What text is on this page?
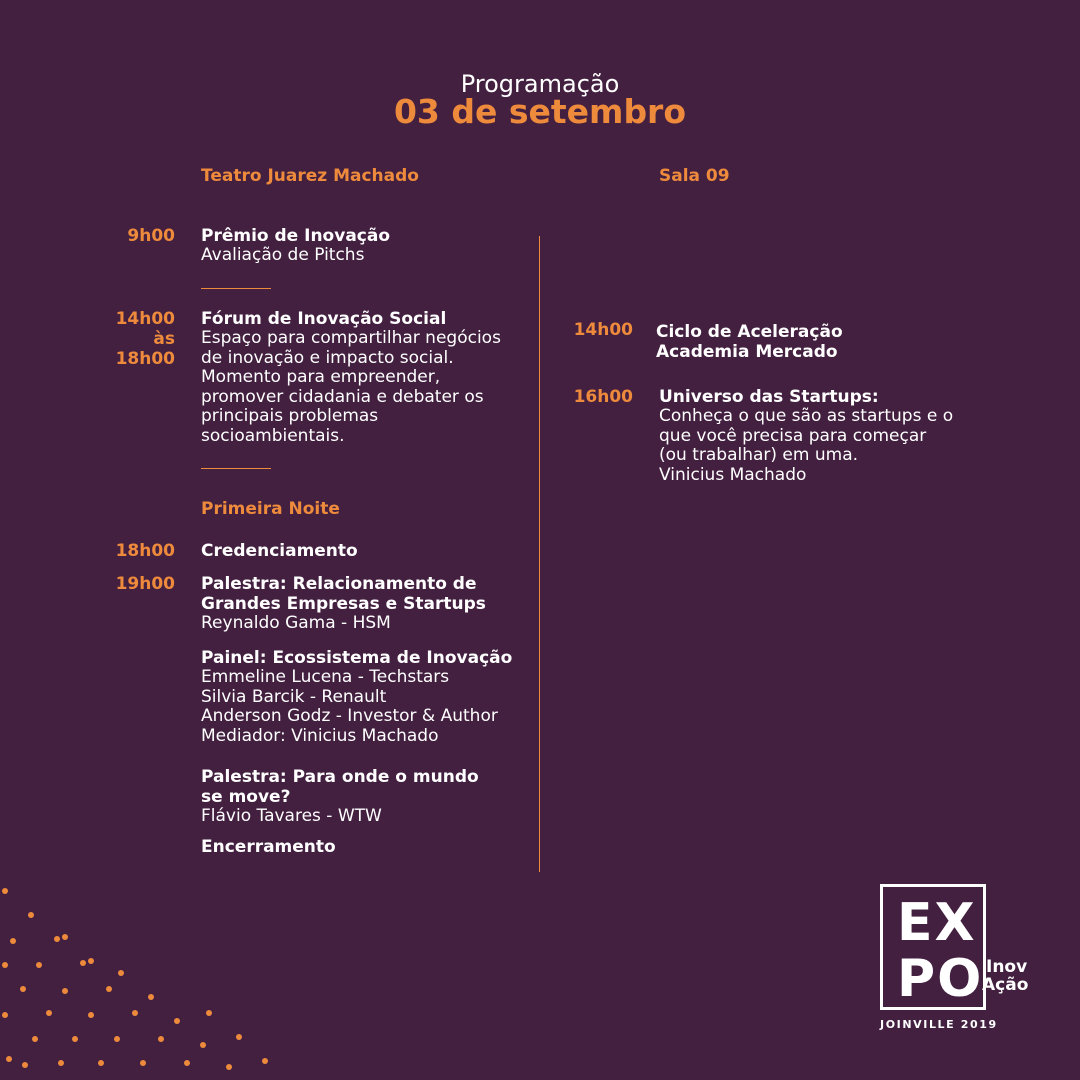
Programação
03 de setembro
Teatro Juarez Machado	Sala 09
9h00 Prêmio de Inovação
Avaliação de Pitchs
14h00
às
18h00
Fórum de Inovação Social
Espaço para compartilhar negócios
de inovação e impacto social.
Momento para empreender,
promover cidadania e debater os
principais problemas
socioambientais.
Primeira Noite
18h00 Credenciamento
19h00 Palestra: Relacionamento de
Grandes Empresas e Startups
Reynaldo Gama - HSM
Painel: Ecossistema de Inovação
Emmeline Lucena - Techstars
Silvia Barcik - Renault
Anderson Godz - Investor & Author
Mediador: Vinicius Machado
Palestra: Para onde o mundo
se move?
Flávio Tavares - WTW
Encerramento
14h00 Ciclo de Aceleração
Academia Mercado
16h00 Universo das Startups:
Conheça o que são as startups e o
que você precisa para começar
(ou trabalhar) em uma.
Vinicius Machado
EX
PO Inov
Ação
JOINVILLE 2019
